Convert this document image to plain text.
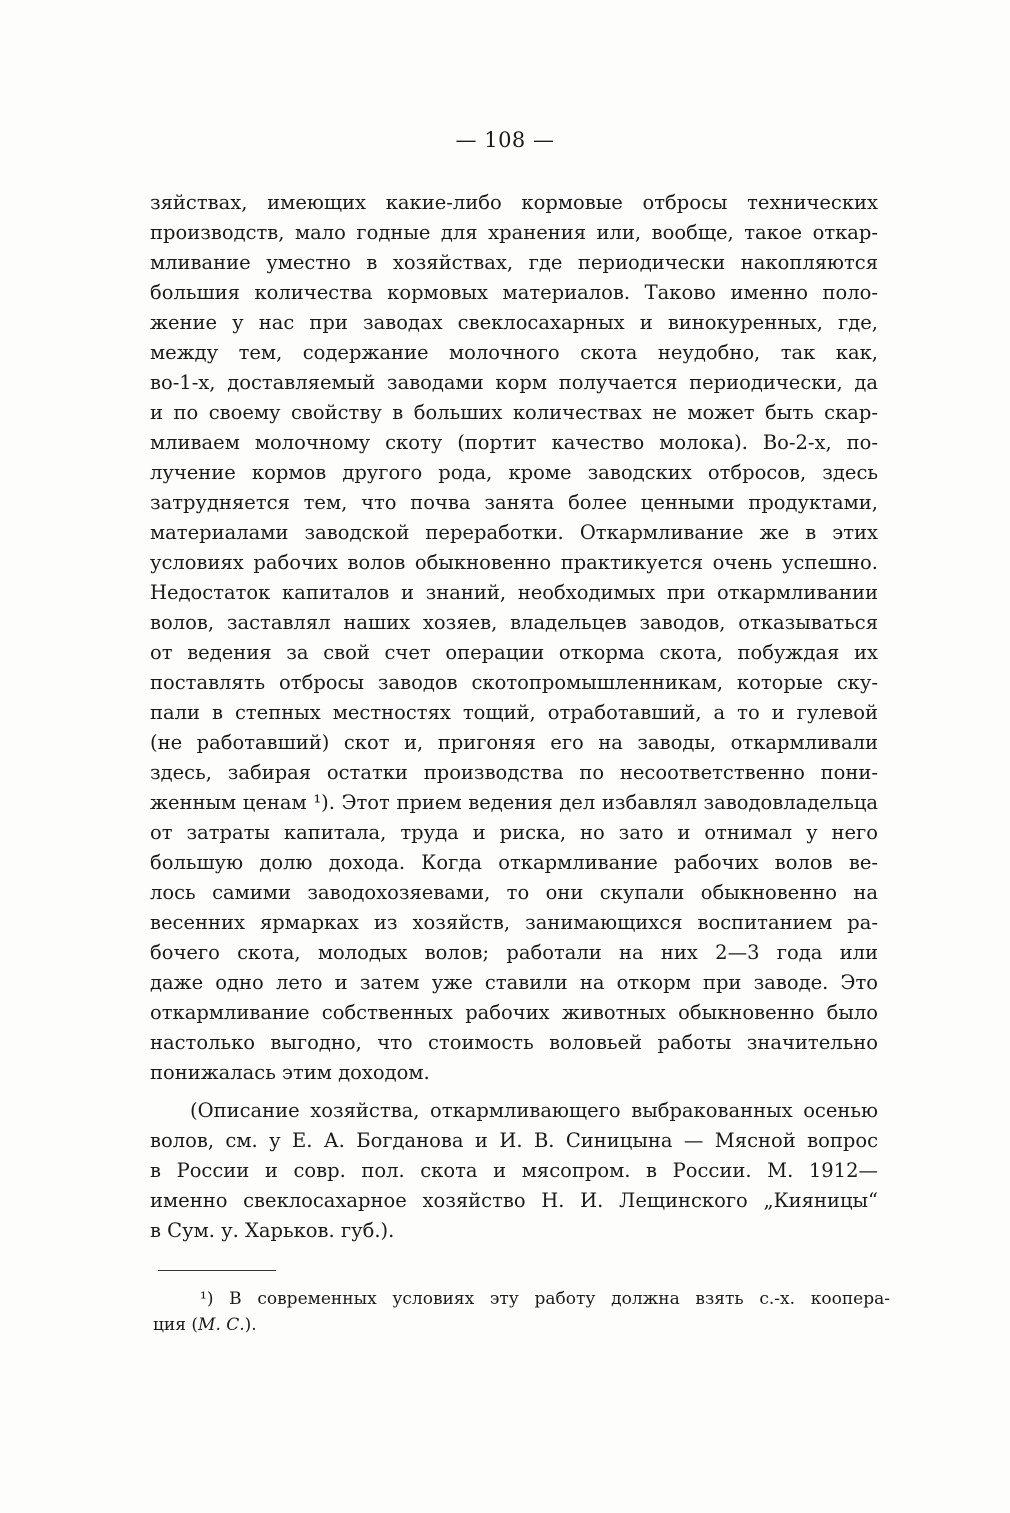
— 108 —
зяйствах, имеющих какие-либо кормовые отбросы технических
производств, мало годные для хранения или, вообще, такое откар-
мливание уместно в хозяйствах, где периодически накопляются
большия количества кормовых материалов. Таково именно поло-
жение у нас при заводах свеклосахарных и винокуренных, где,
между тем, содержание молочного скота неудобно, так как,
во-1-х, доставляемый заводами корм получается периодически, да
и по своему свойству в больших количествах не может быть скар-
мливаем молочному скоту (портит качество молока). Во-2-х, по-
лучение кормов другого рода, кроме заводских отбросов, здесь
затрудняется тем, что почва занята более ценными продуктами,
материалами заводской переработки. Откармливание же в этих
условиях рабочих волов обыкновенно практикуется очень успешно.
Недостаток капиталов и знаний, необходимых при откармливании
волов, заставлял наших хозяев, владельцев заводов, отказываться
от ведения за свой счет операции откорма скота, побуждая их
поставлять отбросы заводов скотопромышленникам, которые ску-
пали в степных местностях тощий, отработавший, а то и гулевой
(не работавший) скот и, пригоняя его на заводы, откармливали
здесь, забирая остатки производства по несоответственно пони-
женным ценам ¹). Этот прием ведения дел избавлял заводовладельца
от затраты капитала, труда и риска, но зато и отнимал у него
большую долю дохода. Когда откармливание рабочих волов ве-
лось самими заводохозяевами, то они скупали обыкновенно на
весенних ярмарках из хозяйств, занимающихся воспитанием ра-
бочего скота, молодых волов; работали на них 2—3 года или
даже одно лето и затем уже ставили на откорм при заводе. Это
откармливание собственных рабочих животных обыкновенно было
настолько выгодно, что стоимость воловьей работы значительно
понижалась этим доходом.
(Описание хозяйства, откармливающего выбракованных осенью
волов, см. у Е. А. Богданова и И. В. Синицына — Мясной вопрос
в России и совр. пол. скота и мясопром. в России. М. 1912—
именно свеклосахарное хозяйство Н. И. Лещинского „Кияницы“
в Сум. у. Харьков. губ.).
¹) В современных условиях эту работу должна взять с.-х. коопера-
ция (М. С.).
